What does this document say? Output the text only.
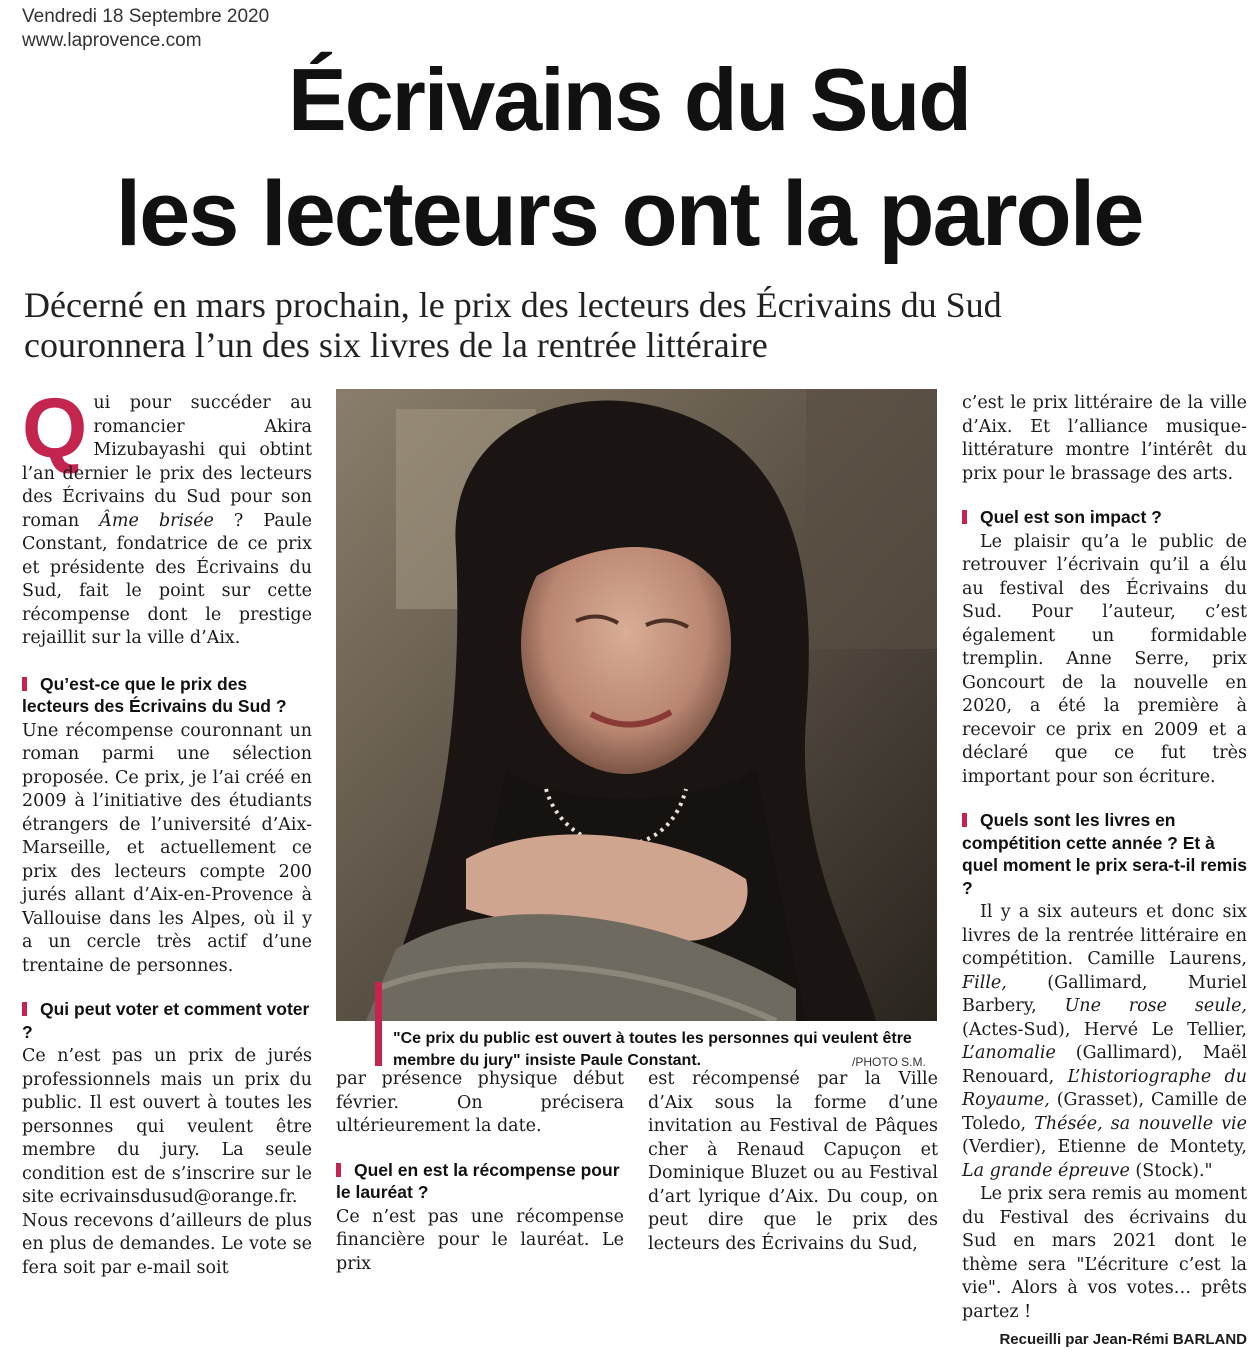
Vendredi 18 Septembre 2020
www.laprovence.com
Écrivains du Sud
les lecteurs ont la parole
Décerné en mars prochain, le prix des lecteurs des Écrivains du Sud
couronnera l’un des six livres de la rentrée littéraire

Qui pour succéder au romancier Akira Mizubayashi qui obtint l’an dernier le prix des lecteurs des Écrivains du Sud pour son roman Âme brisée ? Paule Constant, fondatrice de ce prix et présidente des Écrivains du Sud, fait le point sur cette récompense dont le prestige rejaillit sur la ville d’Aix.

Qu’est-ce que le prix des lecteurs des Écrivains du Sud ?

Une récompense couronnant un roman parmi une sélection proposée. Ce prix, je l’ai créé en 2009 à l’initiative des étudiants étrangers de l’université d’Aix-Marseille, et actuellement ce prix des lecteurs compte 200 jurés allant d’Aix-en-Provence à Vallouise dans les Alpes, où il y a un cercle très actif d’une trentaine de personnes.

Qui peut voter et comment voter ?

Ce n’est pas un prix de jurés professionnels mais un prix du public. Il est ouvert à toutes les personnes qui veulent être membre du jury. La seule condition est de s’inscrire sur le site ecrivainsdusud@orange.fr.

Nous recevons d’ailleurs de plus en plus de demandes. Le vote se fera soit par e-mail soit

"Ce prix du public est ouvert à toutes les personnes qui veulent être membre du jury" insiste Paule Constant.	/PHOTO S.M.

par présence physique début février. On précisera ultérieurement la date.

Quel en est la récompense pour le lauréat ?

Ce n’est pas une récompense financière pour le lauréat. Le prix

est récompensé par la Ville d’Aix sous la forme d’une invitation au Festival de Pâques cher à Renaud Capuçon et Dominique Bluzet ou au Festival d’art lyrique d’Aix. Du coup, on peut dire que le prix des lecteurs des Écrivains du Sud,

c’est le prix littéraire de la ville d’Aix. Et l’alliance musique-littérature montre l’intérêt du prix pour le brassage des arts.

Quel est son impact ?

Le plaisir qu’a le public de retrouver l’écrivain qu’il a élu au festival des Écrivains du Sud. Pour l’auteur, c’est également un formidable tremplin. Anne Serre, prix Goncourt de la nouvelle en 2020, a été la première à recevoir ce prix en 2009 et a déclaré que ce fut très important pour son écriture.

Quels sont les livres en compétition cette année ? Et à quel moment le prix sera-t-il remis ?

Il y a six auteurs et donc six livres de la rentrée littéraire en compétition. Camille Laurens, Fille, (Gallimard, Muriel Barbery, Une rose seule, (Actes-Sud), Hervé Le Tellier, L’anomalie (Gallimard), Maël Renouard, L’historiographe du Royaume, (Grasset), Camille de Toledo, Thésée, sa nouvelle vie (Verdier), Etienne de Montety, La grande épreuve (Stock)."

Le prix sera remis au moment du Festival des écrivains du Sud en mars 2021 dont le thème sera "L’écriture c’est la vie". Alors à vos votes… prêts partez !

Recueilli par Jean-Rémi BARLAND
